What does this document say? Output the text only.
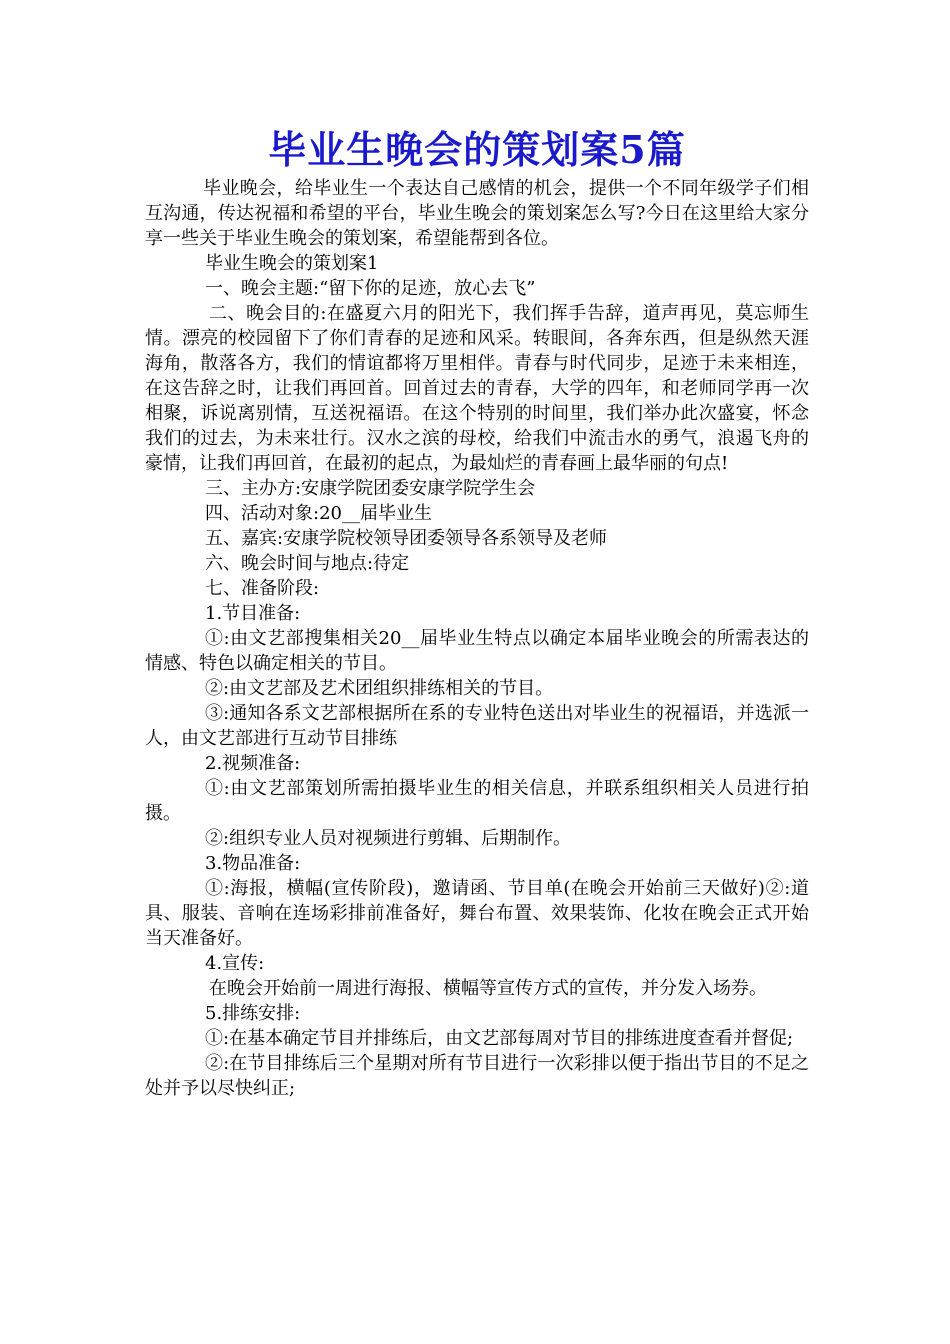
毕业生晚会的策划案5篇

毕业晚会，给毕业生一个表达自己感情的机会，提供一个不同年级学子们相互沟通，传达祝福和希望的平台，毕业生晚会的策划案怎么写?今日在这里给大家分享一些关于毕业生晚会的策划案，希望能帮到各位。

毕业生晚会的策划案1

一、晚会主题:“留下你的足迹，放心去飞”

二、晚会目的:在盛夏六月的阳光下，我们挥手告辞，道声再见，莫忘师生情。漂亮的校园留下了你们青春的足迹和风采。转眼间，各奔东西，但是纵然天涯海角，散落各方，我们的情谊都将万里相伴。青春与时代同步，足迹于未来相连，在这告辞之时，让我们再回首。回首过去的青春，大学的四年，和老师同学再一次相聚，诉说离别情，互送祝福语。在这个特别的时间里，我们举办此次盛宴，怀念我们的过去，为未来壮行。汉水之滨的母校，给我们中流击水的勇气，浪遏飞舟的豪情，让我们再回首，在最初的起点，为最灿烂的青春画上最华丽的句点!

三、主办方:安康学院团委安康学院学生会

四、活动对象:20__届毕业生

五、嘉宾:安康学院校领导团委领导各系领导及老师

六、晚会时间与地点:待定

七、准备阶段:

1.节目准备:

①:由文艺部搜集相关20__届毕业生特点以确定本届毕业晚会的所需表达的情感、特色以确定相关的节目。

②:由文艺部及艺术团组织排练相关的节目。

③:通知各系文艺部根据所在系的专业特色送出对毕业生的祝福语，并选派一人，由文艺部进行互动节目排练

2.视频准备:

①:由文艺部策划所需拍摄毕业生的相关信息，并联系组织相关人员进行拍摄。

②:组织专业人员对视频进行剪辑、后期制作。

3.物品准备:

①:海报，横幅(宣传阶段)，邀请函、节目单(在晚会开始前三天做好)②:道具、服装、音响在连场彩排前准备好，舞台布置、效果装饰、化妆在晚会正式开始当天准备好。

4.宣传:

在晚会开始前一周进行海报、横幅等宣传方式的宣传，并分发入场券。

5.排练安排:

①:在基本确定节目并排练后，由文艺部每周对节目的排练进度查看并督促;

②:在节目排练后三个星期对所有节目进行一次彩排以便于指出节目的不足之处并予以尽快纠正;
